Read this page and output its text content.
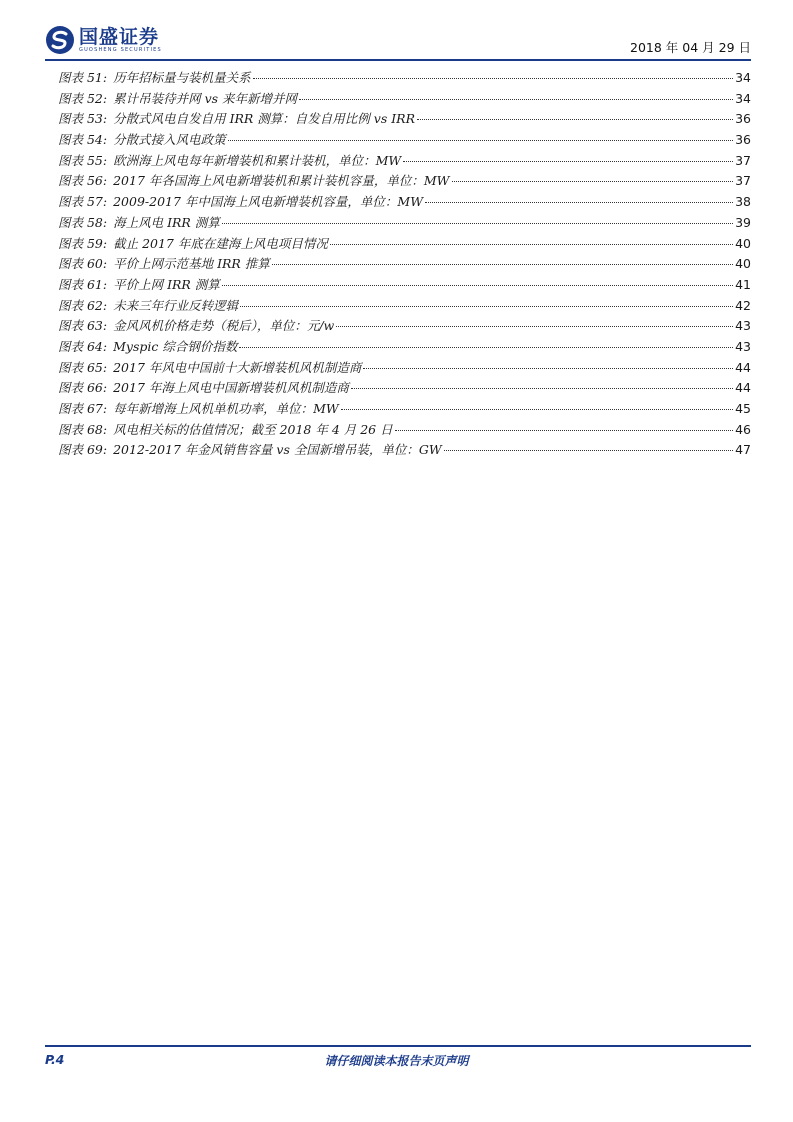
国盛证券
GUOSHENG SECURITIES	2018 年 04 月 29 日
图表 51: 历年招标量与装机量关系	34
图表 52: 累计吊装待并网 vs 来年新增并网	34
图表 53: 分散式风电自发自用 IRR 测算：自发自用比例 vs IRR	36
图表 54: 分散式接入风电政策	36
图表 55: 欧洲海上风电每年新增装机和累计装机，单位：MW	37
图表 56: 2017 年各国海上风电新增装机和累计装机容量，单位：MW	37
图表 57: 2009-2017 年中国海上风电新增装机容量，单位：MW	38
图表 58: 海上风电 IRR 测算	39
图表 59: 截止 2017 年底在建海上风电项目情况	40
图表 60: 平价上网示范基地 IRR 推算	40
图表 61: 平价上网 IRR 测算	41
图表 62: 未来三年行业反转逻辑	42
图表 63: 金风风机价格走势（税后），单位：元/w	43
图表 64: Myspic 综合钢价指数	43
图表 65: 2017 年风电中国前十大新增装机风机制造商	44
图表 66: 2017 年海上风电中国新增装机风机制造商	44
图表 67: 每年新增海上风机单机功率，单位：MW	45
图表 68: 风电相关标的估值情况；截至 2018 年 4 月 26 日	46
图表 69: 2012-2017 年金风销售容量 vs 全国新增吊装，单位：GW	47
P.4	请仔细阅读本报告末页声明
